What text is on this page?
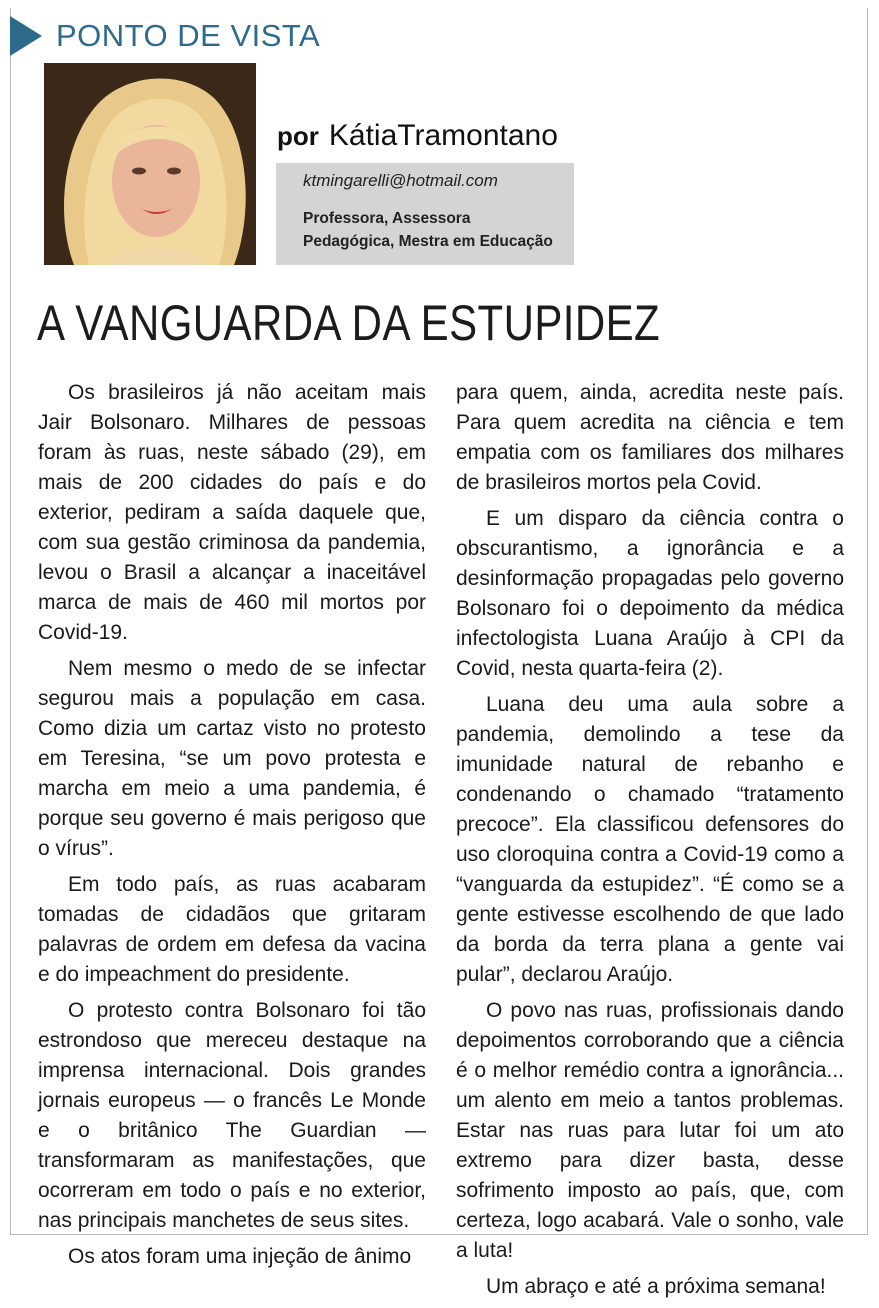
PONTO DE VISTA
por KátiaTramontano
ktmingarelli@hotmail.com
Professora, Assessora
Pedagógica, Mestra em Educação
A VANGUARDA DA ESTUPIDEZ

Os brasileiros já não aceitam mais Jair Bolsonaro. Milhares de pessoas foram às ruas, neste sábado (29), em mais de 200 cidades do país e do exterior, pediram a saída daquele que, com sua gestão criminosa da pandemia, levou o Brasil a alcançar a inaceitável marca de mais de 460 mil mortos por Covid-19.

Nem mesmo o medo de se infectar segurou mais a população em casa. Como dizia um cartaz visto no protesto em Teresina, “se um povo protesta e marcha em meio a uma pandemia, é porque seu governo é mais perigoso que o vírus”.

Em todo país, as ruas acabaram tomadas de cidadãos que gritaram palavras de ordem em defesa da vacina e do impeachment do presidente.

O protesto contra Bolsonaro foi tão estrondoso que mereceu destaque na imprensa internacional. Dois grandes jornais europeus — o francês Le Monde e o britânico The Guardian — transformaram as manifestações, que ocorreram em todo o país e no exterior, nas principais manchetes de seus sites.

Os atos foram uma injeção de ânimo

para quem, ainda, acredita neste país. Para quem acredita na ciência e tem empatia com os familiares dos milhares de brasileiros mortos pela Covid.

E um disparo da ciência contra o obscurantismo, a ignorância e a desinformação propagadas pelo governo Bolsonaro foi o depoimento da médica infectologista Luana Araújo à CPI da Covid, nesta quarta-feira (2).

Luana deu uma aula sobre a pandemia, demolindo a tese da imunidade natural de rebanho e condenando o chamado “tratamento precoce”. Ela classificou defensores do uso cloroquina contra a Covid-19 como a “vanguarda da estupidez”. “É como se a gente estivesse escolhendo de que lado da borda da terra plana a gente vai pular”, declarou Araújo.

O povo nas ruas, profissionais dando depoimentos corroborando que a ciência é o melhor remédio contra a ignorância... um alento em meio a tantos problemas. Estar nas ruas para lutar foi um ato extremo para dizer basta, desse sofrimento imposto ao país, que, com certeza, logo acabará. Vale o sonho, vale a luta!

Um abraço e até a próxima semana!
